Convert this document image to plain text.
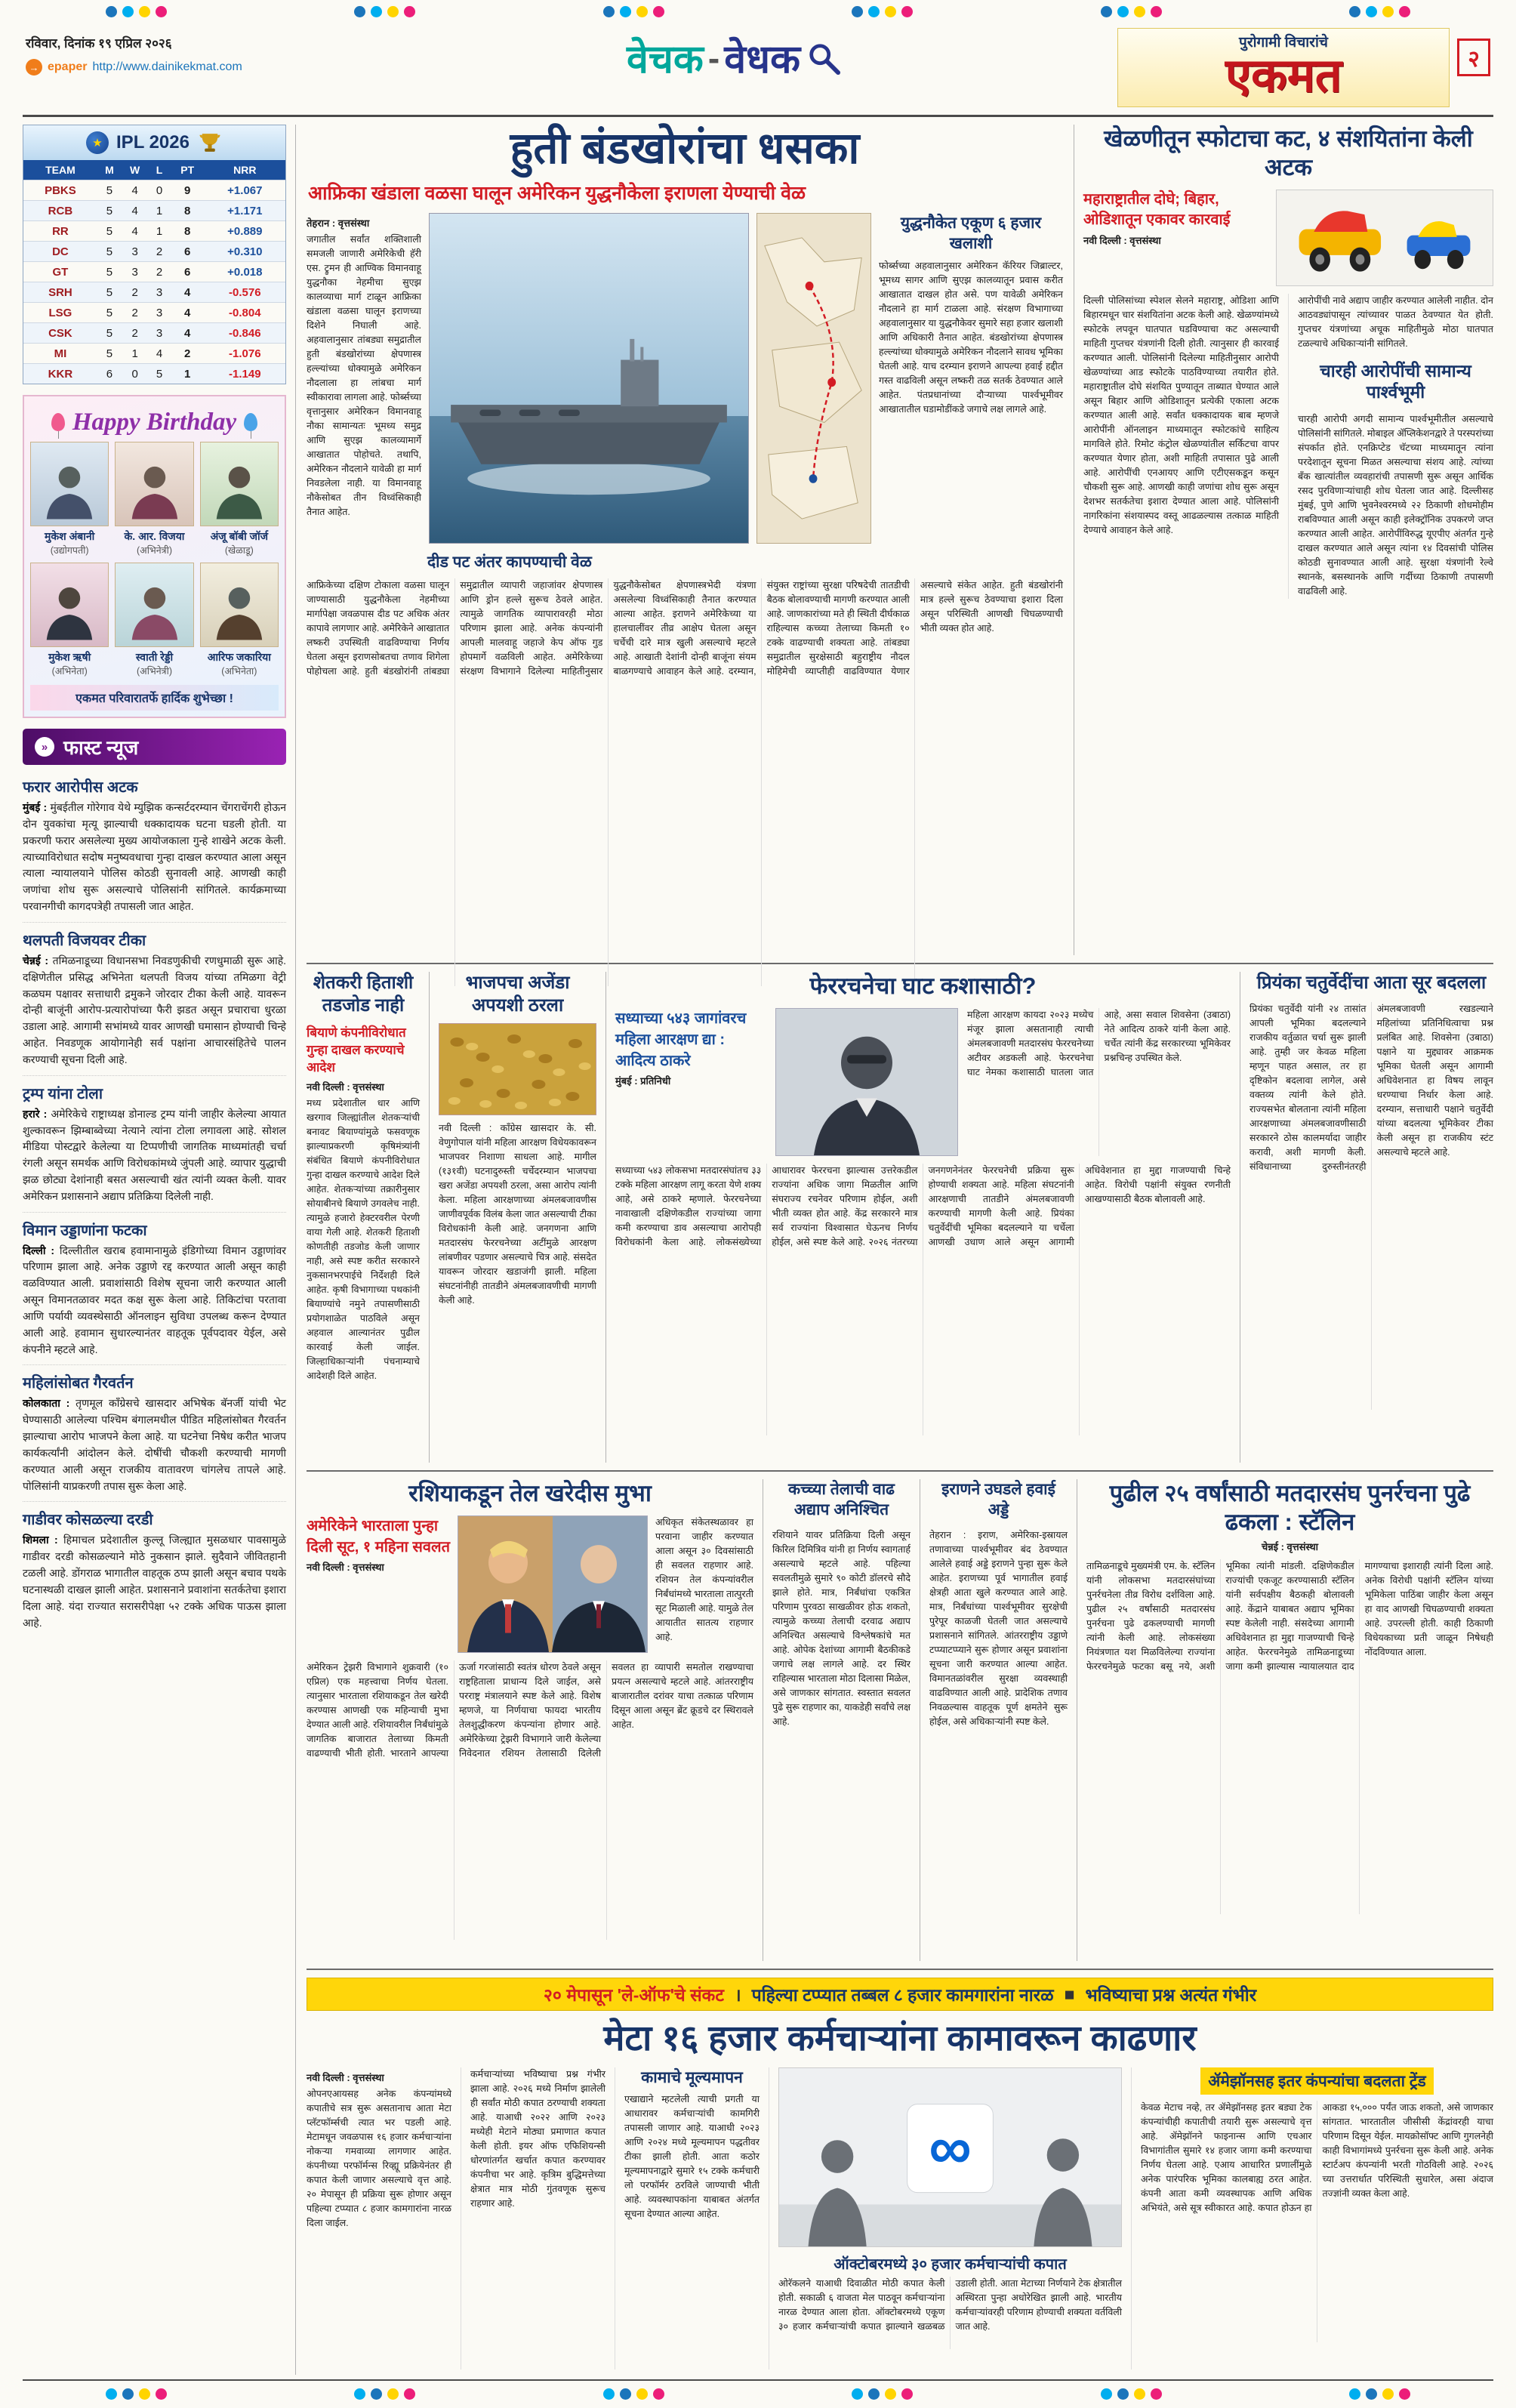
रविवार, दिनांक १९ एप्रिल २०२६
→ epaper http://www.dainikekmat.com	वेचक - वेधक	पुरोगामी विचारांचे
एकमत	२
★ IPL 2026
TEAM	M	W	L	PT	NRR
PBKS	5	4	0	9	+1.067
RCB	5	4	1	8	+1.171
RR	5	4	1	8	+0.889
DC	5	3	2	6	+0.310
GT	5	3	2	6	+0.018
SRH	5	2	3	4	-0.576
LSG	5	2	3	4	-0.804
CSK	5	2	3	4	-0.846
MI	5	1	4	2	-1.076
KKR	6	0	5	1	-1.149
Happy Birthday
मुकेश अंबानी
(उद्योगपती)
के. आर. विजया
(अभिनेत्री)
अंजू बॉबी जॉर्ज
(खेळाडू)
मुकेश ऋषी
(अभिनेता)
स्वाती रेड्डी
(अभिनेत्री)
आरिफ जकारिया
(अभिनेता)
एकमत परिवारातर्फे हार्दिक शुभेच्छा !
» फास्ट न्यूज
फरार आरोपीस अटक

मुंबई : मुंबईतील गोरेगाव येथे म्युझिक कन्सर्टदरम्यान चेंगराचेंगरी होऊन दोन युवकांचा मृत्यू झाल्याची धक्कादायक घटना घडली होती. या प्रकरणी फरार असलेल्या मुख्य आयोजकाला गुन्हे शाखेने अटक केली. त्याच्याविरोधात सदोष मनुष्यवधाचा गुन्हा दाखल करण्यात आला असून त्याला न्यायालयाने पोलिस कोठडी सुनावली आहे. आणखी काही जणांचा शोध सुरू असल्याचे पोलिसांनी सांगितले. कार्यक्रमाच्या परवानगीची कागदपत्रेही तपासली जात आहेत.

थलपती विजयवर टीका

चेन्नई : तमिळनाडूच्या विधानसभा निवडणुकीची रणधुमाळी सुरू आहे. दक्षिणेतील प्रसिद्ध अभिनेता थलपती विजय यांच्या तमिळगा वेट्री कळघम पक्षावर सत्ताधारी द्रमुकने जोरदार टीका केली आहे. यावरून दोन्ही बाजूंनी आरोप-प्रत्यारोपांच्या फैरी झडत असून प्रचाराचा धुरळा उडाला आहे. आगामी सभांमध्ये यावर आणखी घमासान होण्याची चिन्हे आहेत. निवडणूक आयोगानेही सर्व पक्षांना आचारसंहितेचे पालन करण्याची सूचना दिली आहे.

ट्रम्प यांना टोला

हरारे : अमेरिकेचे राष्ट्राध्यक्ष डोनाल्ड ट्रम्प यांनी जाहीर केलेल्या आयात शुल्कावरून झिम्बाब्वेच्या नेत्याने त्यांना टोला लगावला आहे. सोशल मीडिया पोस्टद्वारे केलेल्या या टिप्पणीची जागतिक माध्यमांतही चर्चा रंगली असून समर्थक आणि विरोधकांमध्ये जुंपली आहे. व्यापार युद्धाची झळ छोट्या देशांनाही बसत असल्याची खंत त्यांनी व्यक्त केली. यावर अमेरिकन प्रशासनाने अद्याप प्रतिक्रिया दिलेली नाही.

विमान उड्डाणांना फटका

दिल्ली : दिल्लीतील खराब हवामानामुळे इंडिगोच्या विमान उड्डाणांवर परिणाम झाला आहे. अनेक उड्डाणे रद्द करण्यात आली असून काही वळविण्यात आली. प्रवाशांसाठी विशेष सूचना जारी करण्यात आली असून विमानतळावर मदत कक्ष सुरू केला आहे. तिकिटांचा परतावा आणि पर्यायी व्यवस्थेसाठी ऑनलाइन सुविधा उपलब्ध करून देण्यात आली आहे. हवामान सुधारल्यानंतर वाहतूक पूर्वपदावर येईल, असे कंपनीने म्हटले आहे.

महिलांसोबत गैरवर्तन

कोलकाता : तृणमूल काँग्रेसचे खासदार अभिषेक बॅनर्जी यांची भेट घेण्यासाठी आलेल्या पश्चिम बंगालमधील पीडित महिलांसोबत गैरवर्तन झाल्याचा आरोप भाजपने केला आहे. या घटनेचा निषेध करीत भाजप कार्यकर्त्यांनी आंदोलन केले. दोषींची चौकशी करण्याची मागणी करण्यात आली असून राजकीय वातावरण चांगलेच तापले आहे. पोलिसांनी याप्रकरणी तपास सुरू केला आहे.

गाडीवर कोसळल्या दरडी

शिमला : हिमाचल प्रदेशातील कुल्लू जिल्ह्यात मुसळधार पावसामुळे गाडीवर दरडी कोसळल्याने मोठे नुकसान झाले. सुदैवाने जीवितहानी टळली आहे. डोंगराळ भागातील वाहतूक ठप्प झाली असून बचाव पथके घटनास्थळी दाखल झाली आहेत. प्रशासनाने प्रवाशांना सतर्कतेचा इशारा दिला आहे. यंदा राज्यात सरासरीपेक्षा ५२ टक्के अधिक पाऊस झाला आहे.

हुती बंडखोरांचा धसका
आफ्रिका खंडाला वळसा घालून अमेरिकन युद्धनौकेला इराणला येण्याची वेळ
तेहरान : वृत्तसंस्था

जगातील सर्वांत शक्तिशाली समजली जाणारी अमेरिकेची हॅरी एस. ट्रुमन ही आण्विक विमानवाहू युद्धनौका नेहमीचा सुएझ कालव्याचा मार्ग टाळून आफ्रिका खंडाला वळसा घालून इराणच्या दिशेने निघाली आहे. अहवालानुसार तांबड्या समुद्रातील हुती बंडखोरांच्या क्षेपणास्त्र हल्ल्यांच्या धोक्यामुळे अमेरिकन नौदलाला हा लांबचा मार्ग स्वीकारावा लागला आहे. फोर्ब्सच्या वृत्तानुसार अमेरिकन विमानवाहू नौका सामान्यतः भूमध्य समुद्र आणि सुएझ कालव्यामार्गे आखातात पोहोचते. तथापि, अमेरिकन नौदलाने यावेळी हा मार्ग निवडलेला नाही. या विमानवाहू नौकेसोबत तीन विध्वंसिकाही तैनात आहेत.

युद्धनौकेत एकूण ६ हजार खलाशी

फोर्ब्सच्या अहवालानुसार अमेरिकन कॅरियर जिब्राल्टर, भूमध्य सागर आणि सुएझ कालव्यातून प्रवास करीत आखातात दाखल होत असे. पण यावेळी अमेरिकन नौदलाने हा मार्ग टाळला आहे. संरक्षण विभागाच्या अहवालानुसार या युद्धनौकेवर सुमारे सहा हजार खलाशी आणि अधिकारी तैनात आहेत. बंडखोरांच्या क्षेपणास्त्र हल्ल्यांच्या धोक्यामुळे अमेरिकन नौदलाने सावध भूमिका घेतली आहे. याच दरम्यान इराणने आपल्या हवाई हद्दीत गस्त वाढविली असून लष्करी तळ सतर्क ठेवण्यात आले आहेत. पंतप्रधानांच्या दौऱ्याच्या पार्श्वभूमीवर आखातातील घडामोडींकडे जगाचे लक्ष लागले आहे.

दीड पट अंतर कापण्याची वेळ

आफ्रिकेच्या दक्षिण टोकाला वळसा घालून जाण्यासाठी युद्धनौकेला नेहमीच्या मार्गापेक्षा जवळपास दीड पट अधिक अंतर कापावे लागणार आहे. अमेरिकेने आखातात लष्करी उपस्थिती वाढविण्याचा निर्णय घेतला असून इराणसोबतचा तणाव शिगेला पोहोचला आहे. हुती बंडखोरांनी तांबड्या समुद्रातील व्यापारी जहाजांवर क्षेपणास्त्र आणि ड्रोन हल्ले सुरूच ठेवले आहेत. त्यामुळे जागतिक व्यापारावरही मोठा परिणाम झाला आहे. अनेक कंपन्यांनी आपली मालवाहू जहाजे केप ऑफ गुड होपमार्गे वळविली आहेत. अमेरिकेच्या संरक्षण विभागाने दिलेल्या माहितीनुसार युद्धनौकेसोबत क्षेपणास्त्रभेदी यंत्रणा असलेल्या विध्वंसिकाही तैनात करण्यात आल्या आहेत. इराणने अमेरिकेच्या या हालचालींवर तीव्र आक्षेप घेतला असून चर्चेची दारे मात्र खुली असल्याचे म्हटले आहे. आखाती देशांनी दोन्ही बाजूंना संयम बाळगण्याचे आवाहन केले आहे. दरम्यान, संयुक्त राष्ट्रांच्या सुरक्षा परिषदेची तातडीची बैठक बोलावण्याची मागणी करण्यात आली आहे. जाणकारांच्या मते ही स्थिती दीर्घकाळ राहिल्यास कच्च्या तेलाच्या किमती १० टक्के वाढण्याची शक्यता आहे. तांबड्या समुद्रातील सुरक्षेसाठी बहुराष्ट्रीय नौदल मोहिमेची व्याप्तीही वाढविण्यात येणार असल्याचे संकेत आहेत. हुती बंडखोरांनी मात्र हल्ले सुरूच ठेवण्याचा इशारा दिला असून परिस्थिती आणखी चिघळण्याची भीती व्यक्त होत आहे.

खेळणीतून स्फोटाचा कट, ४ संशयितांना केली अटक
महाराष्ट्रातील दोघे; बिहार, ओडिशातून एकावर कारवाई
नवी दिल्ली : वृत्तसंस्था

दिल्ली पोलिसांच्या स्पेशल सेलने महाराष्ट्र, ओडिशा आणि बिहारमधून चार संशयितांना अटक केली आहे. खेळण्यांमध्ये स्फोटके लपवून घातपात घडविण्याचा कट असल्याची माहिती गुप्तचर यंत्रणांनी दिली होती. त्यानुसार ही कारवाई करण्यात आली. पोलिसांनी दिलेल्या माहितीनुसार आरोपी खेळण्यांच्या आड स्फोटके पाठविण्याच्या तयारीत होते. महाराष्ट्रातील दोघे संशयित पुण्यातून ताब्यात घेण्यात आ‌ले असून बिहार आणि ओडिशातून प्रत्येकी एकाला अटक करण्यात आली आहे. सर्वांत धक्कादायक बाब म्हणजे आरोपींनी ऑनलाइन माध्यमातून स्फोटकांचे साहित्य मागविले होते. रिमोट कंट्रोल खेळण्यांतील सर्किटचा वापर करण्यात येणार होता, अशी माहिती तपासात पुढे आली आहे. आरोपींची एनआयए आणि एटीएसकडून कसून चौकशी सुरू आहे. आणखी काही जणांचा शोध सुरू असून देशभर सतर्कतेचा इशारा देण्यात आला आहे. पोलिसांनी नागरिकांना संशयास्पद वस्तू आढळल्यास तत्काळ माहिती देण्याचे आवाहन केले आहे.

आरोपींची नावे अद्याप जाहीर करण्यात आलेली नाहीत. दोन आठवड्यांपासून त्यांच्यावर पाळत ठेवण्यात येत होती. गुप्तचर यंत्रणांच्या अचूक माहितीमुळे मोठा घातपात टळल्याचे अधिकाऱ्यांनी सांगितले.

चारही आरोपींची सामान्य पार्श्वभूमी

चारही आरोपी अगदी सामान्य पार्श्वभूमीतील असल्याचे पोलिसांनी सांगितले. मोबाइल ॲप्लिकेशनद्वारे ते परस्परांच्या संपर्कात होते. एनक्रिप्टेड चॅटच्या माध्यमातून त्यांना परदेशातून सूचना मिळत असल्याचा संशय आहे. त्यांच्या बँक खात्यांतील व्यवहारांची तपासणी सुरू असून आर्थिक रसद पुरविणाऱ्यांचाही शोध घेतला जात आहे. दिल्लीसह मुंबई, पुणे आणि भुवनेश्वरमध्ये २२ ठिकाणी शोधमोहीम राबविण्यात आली असून काही इलेक्ट्रॉनिक उपकरणे जप्त करण्यात आली आहेत. आरोपींविरुद्ध यूएपीए अंतर्गत गुन्हे दाखल करण्यात आले असून त्यांना १४ दिवसांची पोलिस कोठडी सुनावण्यात आली आहे. सुरक्षा यंत्रणांनी रेल्वे स्थानके, बसस्थानके आणि गर्दीच्या ठिकाणी तपासणी वाढविली आहे.

शेतकरी हिताशी तडजोड नाही
बियाणे कंपनीविरोधात गुन्हा दाखल करण्याचे आदेश
नवी दिल्ली : वृत्तसंस्था

मध्य प्रदेशातील धार आणि खरगाव जिल्ह्यांतील शेतकऱ्यांची बनावट बियाण्यांमुळे फसवणूक झाल्याप्रकरणी कृषिमंत्र्यांनी संबंधित बियाणे कंपनीविरोधात गुन्हा दाखल करण्याचे आदेश दिले आहेत. शेतकऱ्यांच्या तक्रारीनुसार सोयाबीनचे बियाणे उगवलेच नाही. त्यामुळे हजारो हेक्टरवरील पेरणी वाया गेली आहे. शेतकरी हिताशी कोणतीही तडजोड केली जाणार नाही, असे स्पष्ट करीत सरकारने नुकसानभरपाईचे निर्देशही दिले आहेत. कृषी विभागाच्या पथकांनी बियाण्यांचे नमुने तपासणीसाठी प्रयोगशाळेत पाठविले असून अहवाल आल्यानंतर पुढील कारवाई केली जाईल. जिल्हाधिकाऱ्यांनी पंचनाम्याचे आदेशही दिले आहेत.

भाजपचा अजेंडा अपयशी ठरला

नवी दिल्ली : काँग्रेस खासदार के. सी. वेणुगोपाल यांनी महिला आरक्षण विधेयकावरून भाजपवर निशाणा साधला आहे. मागील (१३१वी) घटनादुरुस्ती चर्चेदरम्यान भाजपचा खरा अजेंडा अपयशी ठरला, असा आरोप त्यांनी केला. महिला आरक्षणाच्या अंमलबजावणीस जाणीवपूर्वक विलंब केला जात असल्याची टीका विरोधकांनी केली आहे. जनगणना आणि मतदारसंघ फेररचनेच्या अटींमुळे आरक्षण लांबणीवर पडणार असल्याचे चित्र आहे. संसदेत यावरून जोरदार खडाजंगी झाली. महिला संघटनांनीही तातडीने अंमलबजावणीची मागणी केली आहे.

फेररचनेचा घाट कशासाठी?
सध्याच्या ५४३ जागांवरच महिला आरक्षण द्या : आदित्य ठाकरे
मुंबई : प्रतिनिधी

महिला आरक्षण कायदा २०२३ मध्येच मंजूर झाला असतानाही त्याची अंमलबजावणी मतदारसंघ फेररचनेच्या अटीवर अडकली आहे. फेररचनेचा घाट नेमका कशासाठी घातला जात आहे, असा सवाल शिवसेना (उबाठा) नेते आदित्य ठाकरे यांनी केला आहे. चर्चेत त्यांनी केंद्र सरकारच्या भूमिकेवर प्रश्नचिन्ह उपस्थित केले.

सध्याच्या ५४३ लोकसभा मतदारसंघांतच ३३ टक्के महिला आरक्षण लागू करता येणे शक्य आहे, असे ठाकरे म्हणाले. फेररचनेच्या नावाखाली दक्षिणेकडील राज्यांच्या जागा कमी करण्याचा डाव असल्याचा आरोपही विरोधकांनी केला आहे. लोकसंख्येच्या आधारावर फेररचना झाल्यास उत्तरेकडील राज्यांना अधिक जागा मिळतील आणि संघराज्य रचनेवर परिणाम होईल, अशी भीती व्यक्त होत आहे. केंद्र सरकारने मात्र सर्व राज्यांना विश्वासात घेऊनच निर्णय होईल, असे स्पष्ट केले आहे. २०२६ नंतरच्या जनगणनेनंतर फेररचनेची प्रक्रिया सुरू होण्याची शक्यता आहे. महिला संघटनांनी आरक्षणाची तातडीने अंमलबजावणी करण्याची मागणी केली आहे. प्रियंका चतुर्वेदींची भूमिका बदलल्याने या चर्चेला आणखी उधाण आले असून आगामी अधिवेशनात हा मुद्दा गाजण्याची चिन्हे आहेत. विरोधी पक्षांनी संयुक्त रणनीती आखण्यासाठी बैठक बोलावली आहे.

प्रियंका चतुर्वेदींचा आता सूर बदलला

प्रियंका चतुर्वेदी यांनी २४ तासांत आपली भूमिका बदलल्याने राजकीय वर्तुळात चर्चा सुरू झाली आहे. तुम्ही जर केवळ महिला म्हणून पाहत असाल, तर हा दृष्टिकोन बदलावा लागेल, असे वक्तव्य त्यांनी केले होते. राज्यसभेत बोलताना त्यांनी महिला आरक्षणाच्या अंमलबजावणीसाठी सरकारने ठोस कालमर्यादा जाहीर करावी, अशी मागणी केली. संविधानाच्या दुरुस्तीनंतरही अंमलबजावणी रखडल्याने महिलांच्या प्रतिनिधित्वाचा प्रश्न प्रलंबित आहे. शिवसेना (उबाठा) पक्षाने या मुद्द्यावर आक्रमक भूमिका घेतली असून आगामी अधिवेशनात हा विषय लावून धरण्याचा निर्धार केला आहे. दरम्यान, सत्ताधारी पक्षाने चतुर्वेदी यांच्या बदलत्या भूमिकेवर टीका केली असून हा राजकीय स्टंट असल्याचे म्हटले आहे.

रशियाकडून तेल खरेदीस मुभा
अमेरिकेने भारताला पुन्हा दिली सूट, १ महिना सवलत
नवी दिल्ली : वृत्तसंस्था

अधिकृत संकेतस्थळावर हा परवाना जाहीर करण्यात आला असून ३० दिवसांसाठी ही सवलत राहणार आहे. रशियन तेल कंपन्यांवरील निर्बंधांमध्ये भारताला तात्पुरती सूट मिळाली आहे. यामुळे तेल आयातीत सातत्य राहणार आहे.

अमेरिकन ट्रेझरी विभागाने शुक्रवारी (१० एप्रिल) एक महत्त्वाचा निर्णय घेतला. त्यानुसार भारताला रशियाकडून तेल खरेदी करण्यास आणखी एक महिन्याची मुभा देण्यात आली आहे. रशियावरील निर्बंधांमुळे जागतिक बाजारात तेलाच्या किमती वाढण्याची भीती होती. भारताने आपल्या ऊर्जा गरजांसाठी स्वतंत्र धोरण ठेवले असून राष्ट्रहिताला प्राधान्य दिले जाईल, असे परराष्ट्र मंत्रालयाने स्पष्ट केले आहे. विशेष म्हणजे, या निर्णयाचा फायदा भारतीय तेलशुद्धीकरण कंपन्यांना होणार आहे. अमेरिकेच्या ट्रेझरी विभागाने जारी केलेल्या निवेदनात रशियन तेलासाठी दिलेली सवलत हा व्यापारी समतोल राखण्याचा प्रयत्न असल्याचे म्हटले आहे. आंतरराष्ट्रीय बाजारातील दरांवर याचा तत्काळ परिणाम दिसून आला असून ब्रेंट क्रूडचे दर स्थिरावले आहेत.

कच्च्या तेलाची वाढ अद्याप अनिश्चित

रशियाने यावर प्रतिक्रिया दिली असून किरिल दिमित्रिव यांनी हा निर्णय स्वागतार्ह असल्याचे म्हटले आहे. पहिल्या सवलतीमुळे सुमारे ९० कोटी डॉलरचे सौदे झाले होते. मात्र, निर्बंधांचा एकत्रित परिणाम पुरवठा साखळीवर होऊ शकतो, त्यामुळे कच्च्या तेलाची दरवाढ अद्याप अनिश्चित असल्याचे विश्लेषकांचे मत आहे. ओपेक देशांच्या आगामी बैठकीकडे जगाचे लक्ष लागले आहे. दर स्थिर राहिल्यास भारताला मोठा दिलासा मिळेल, असे जाणकार सांगतात. स्वस्तात सवलत पुढे सुरू राहणार का, याकडेही सर्वांचे लक्ष आहे.

इराणने उघडले हवाई अड्डे

तेहरान : इराण, अमेरिका-इस्रायल तणावाच्या पार्श्वभूमीवर बंद ठेवण्यात आलेले हवाई अड्डे इराणने पुन्हा सुरू केले आहेत. इराणच्या पूर्व भागातील हवाई क्षेत्रही आता खुले करण्यात आले आहे. मात्र, निर्बंधांच्या पार्श्वभूमीवर सुरक्षेची पुरेपूर काळजी घेतली जात असल्याचे प्रशासनाने सांगितले. आंतरराष्ट्रीय उड्डाणे टप्प्याटप्प्याने सुरू होणार असून प्रवाशांना सूचना जारी करण्यात आल्या आहेत. विमानतळांवरील सुरक्षा व्यवस्थाही वाढविण्यात आली आहे. प्रादेशिक तणाव निवळल्यास वाहतूक पूर्ण क्षमतेने सुरू होईल, असे अधिकाऱ्यांनी स्पष्ट केले.

पुढील २५ वर्षांसाठी मतदारसंघ पुनर्रचना पुढे ढकला : स्टॅलिन
चेन्नई : वृत्तसंस्था

तामिळनाडूचे मुख्यमंत्री एम. के. स्टॅलिन यांनी लोकसभा मतदारसंघांच्या पुनर्रचनेला तीव्र विरोध दर्शविला आहे. पुढील २५ वर्षांसाठी मतदारसंघ पुनर्रचना पुढे ढकलण्याची मागणी त्यांनी केली आहे. लोकसंख्या नियंत्रणात यश मिळविलेल्या राज्यांना फेररचनेमुळे फटका बसू नये, अशी भूमिका त्यांनी मांडली. दक्षिणेकडील राज्यांची एकजूट करण्यासाठी स्टॅलिन यांनी सर्वपक्षीय बैठकही बोलावली आहे. केंद्राने याबाबत अद्याप भूमिका स्पष्ट केलेली नाही. संसदेच्या आगामी अधिवेशनात हा मुद्दा गाजण्याची चिन्हे आहेत. फेररचनेमुळे तामिळनाडूच्या जागा कमी झाल्यास न्यायालयात दाद मागण्याचा इशाराही त्यांनी दिला आहे. अनेक विरोधी पक्षांनी स्टॅलिन यांच्या भूमिकेला पाठिंबा जाहीर केला असून हा वाद आणखी चिघळण्याची शक्यता आहे. उपरल्ली होती. काही ठिकाणी विधेयकाच्या प्रती जाळून निषेधही नोंदविण्यात आला.

२० मेपासून 'ले-ऑफ'चे संकट । पहिल्या टप्प्यात तब्बल ८ हजार कामगारांना नारळ ■ भविष्याचा प्रश्न अत्यंत गंभीर
मेटा १६ हजार कर्मचाऱ्यांना कामावरून काढणार
नवी दिल्ली : वृत्तसंस्था

ओपनएआयसह अनेक कंपन्यांमध्ये कपातीचे सत्र सुरू असतानाच आता मेटा प्लॅटफॉर्म्सची त्यात भर पडली आहे. मेटामधून जवळपास १६ हजार कर्मचाऱ्यांना नोकऱ्या गमवाव्या लागणार आहेत. कंपनीच्या परफॉर्मन्स रिव्ह्यू प्रक्रियेनंतर ही कपात केली जाणार असल्याचे वृत्त आहे. २० मेपासून ही प्रक्रिया सुरू होणार असून पहिल्या टप्प्यात ८ हजार कामगारांना नारळ दिला जाईल.

कर्मचाऱ्यांच्या भविष्याचा प्रश्न गंभीर झाला आहे. २०२६ मध्ये निर्माण झालेली ही सर्वांत मोठी कपात ठरण्याची शक्यता आहे. याआधी २०२२ आणि २०२३ मध्येही मेटाने मोठ्या प्रमाणात कपात केली होती. इयर ऑफ एफिशियन्सी धोरणांतर्गत खर्चात कपात करण्यावर कंपनीचा भर आहे. कृत्रिम बुद्धिमत्तेच्या क्षेत्रात मात्र मोठी गुंतवणूक सुरूच राहणार आहे.

कामाचे मूल्यमापन

एखाद्याने म्हटलेली त्याची प्रगती या आधारावर कर्मचाऱ्यांची कामगिरी तपासली जाणार आहे. याआधी २०२३ आणि २०२४ मध्ये मूल्यमापन पद्धतीवर टीका झाली होती. आता कठोर मूल्यमापनाद्वारे सुमारे १५ टक्के कर्मचारी लो परफॉर्मर ठरविले जाण्याची भीती आहे. व्यवस्थापकांना याबाबत अंतर्गत सूचना देण्यात आल्या आहेत.

∞
ऑक्टोबरमध्ये ३० हजार कर्मचाऱ्यांची कपात

ओरॅकलने याआधी दिवाळीत मोठी कपात केली होती. सकाळी ६ वाजता मेल पाठवून कर्मचाऱ्यांना नारळ देण्यात आला होता. ऑक्टोबरमध्ये एकूण ३० हजार कर्मचाऱ्यांची कपात झाल्याने खळबळ उडाली होती. आता मेटाच्या निर्णयाने टेक क्षेत्रातील अस्थिरता पुन्हा अधोरेखित झाली आहे. भारतीय कर्मचाऱ्यांवरही परिणाम होण्याची शक्यता वर्तविली जात आहे.

ॲमेझॉनसह इतर कंपन्यांचा बदलता ट्रेंड

केवळ मेटाच नव्हे, तर ॲमेझॉनसह इतर बड्या टेक कंपन्यांचीही कपातीची तयारी सुरू असल्याचे वृत्त आहे. ॲमेझॉनने फाइनान्स आणि एचआर विभागांतील सुमारे १४ हजार जागा कमी करण्याचा निर्णय घेतला आहे. एआय आधारित प्रणालींमुळे अनेक पारंपरिक भूमिका कालबाह्य ठरत आहेत. कंपनी आता कमी व्यवस्थापक आणि अधिक अभियंते, असे सूत्र स्वीकारत आहे. कपात होऊन हा आकडा १५,००० पर्यंत जाऊ शकतो, असे जाणकार सांगतात. भारतातील जीसीसी केंद्रांवरही याचा परिणाम दिसून येईल. मायक्रोसॉफ्ट आणि गुगलनेही काही विभागांमध्ये पुनर्रचना सुरू केली आहे. अनेक स्टार्टअप कंपन्यांनी भरती गोठविली आहे. २०२६ च्या उत्तरार्धात परिस्थिती सुधारेल, असा अंदाज तज्ज्ञांनी व्यक्त केला आहे.
